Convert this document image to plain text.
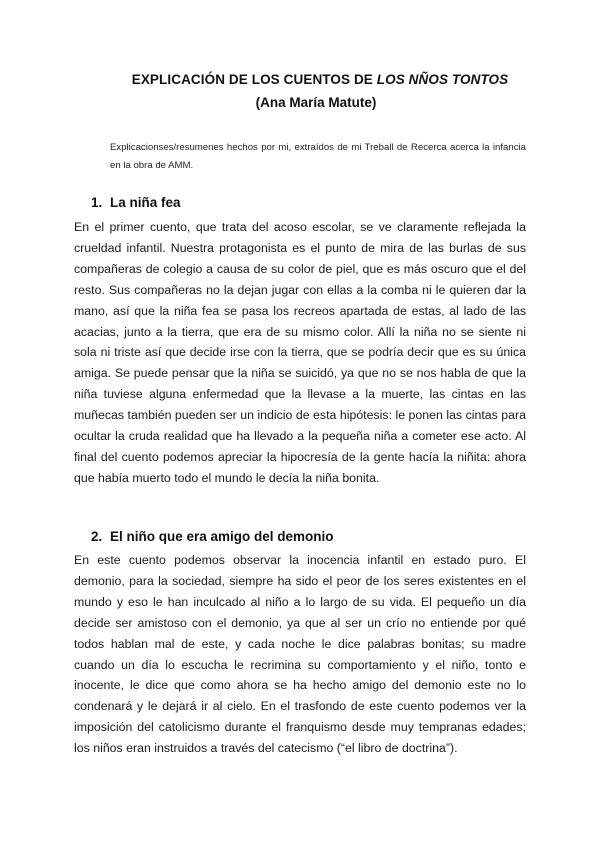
EXPLICACIÓN DE LOS CUENTOS DE LOS NÑOS TONTOS
(Ana María Matute)
Explicacionses/resumenes hechos por mi, extraídos de mi Treball de Recerca acerca la infancia en la obra de AMM.
1. La niña fea
En el primer cuento, que trata del acoso escolar, se ve claramente reflejada la crueldad infantil. Nuestra protagonista es el punto de mira de las burlas de sus compañeras de colegio a causa de su color de piel, que es más oscuro que el del resto. Sus compañeras no la dejan jugar con ellas a la comba ni le quieren dar la mano, así que la niña fea se pasa los recreos apartada de estas, al lado de las acacias, junto a la tierra, que era de su mismo color. Allí la niña no se siente ni sola ni triste así que decide irse con la tierra, que se podría decir que es su única amiga. Se puede pensar que la niña se suicidó, ya que no se nos habla de que la niña tuviese alguna enfermedad que la llevase a la muerte, las cintas en las muñecas también pueden ser un indicio de esta hipótesis: le ponen las cintas para ocultar la cruda realidad que ha llevado a la pequeña niña a cometer ese acto. Al final del cuento podemos apreciar la hipocresía de la gente hacía la niñita: ahora que había muerto todo el mundo le decía la niña bonita.
2. El niño que era amigo del demonio
En este cuento podemos observar la inocencia infantil en estado puro. El demonio, para la sociedad, siempre ha sido el peor de los seres existentes en el mundo y eso le han inculcado al niño a lo largo de su vida. El pequeño un día decide ser amistoso con el demonio, ya que al ser un crío no entiende por qué todos hablan mal de este, y cada noche le dice palabras bonitas; su madre cuando un día lo escucha le recrimina su comportamiento y el niño, tonto e inocente, le dice que como ahora se ha hecho amigo del demonio este no lo condenará y le dejará ir al cielo. En el trasfondo de este cuento podemos ver la imposición del catolicismo durante el franquismo desde muy tempranas edades; los niños eran instruidos a través del catecismo (“el libro de doctrina”).
